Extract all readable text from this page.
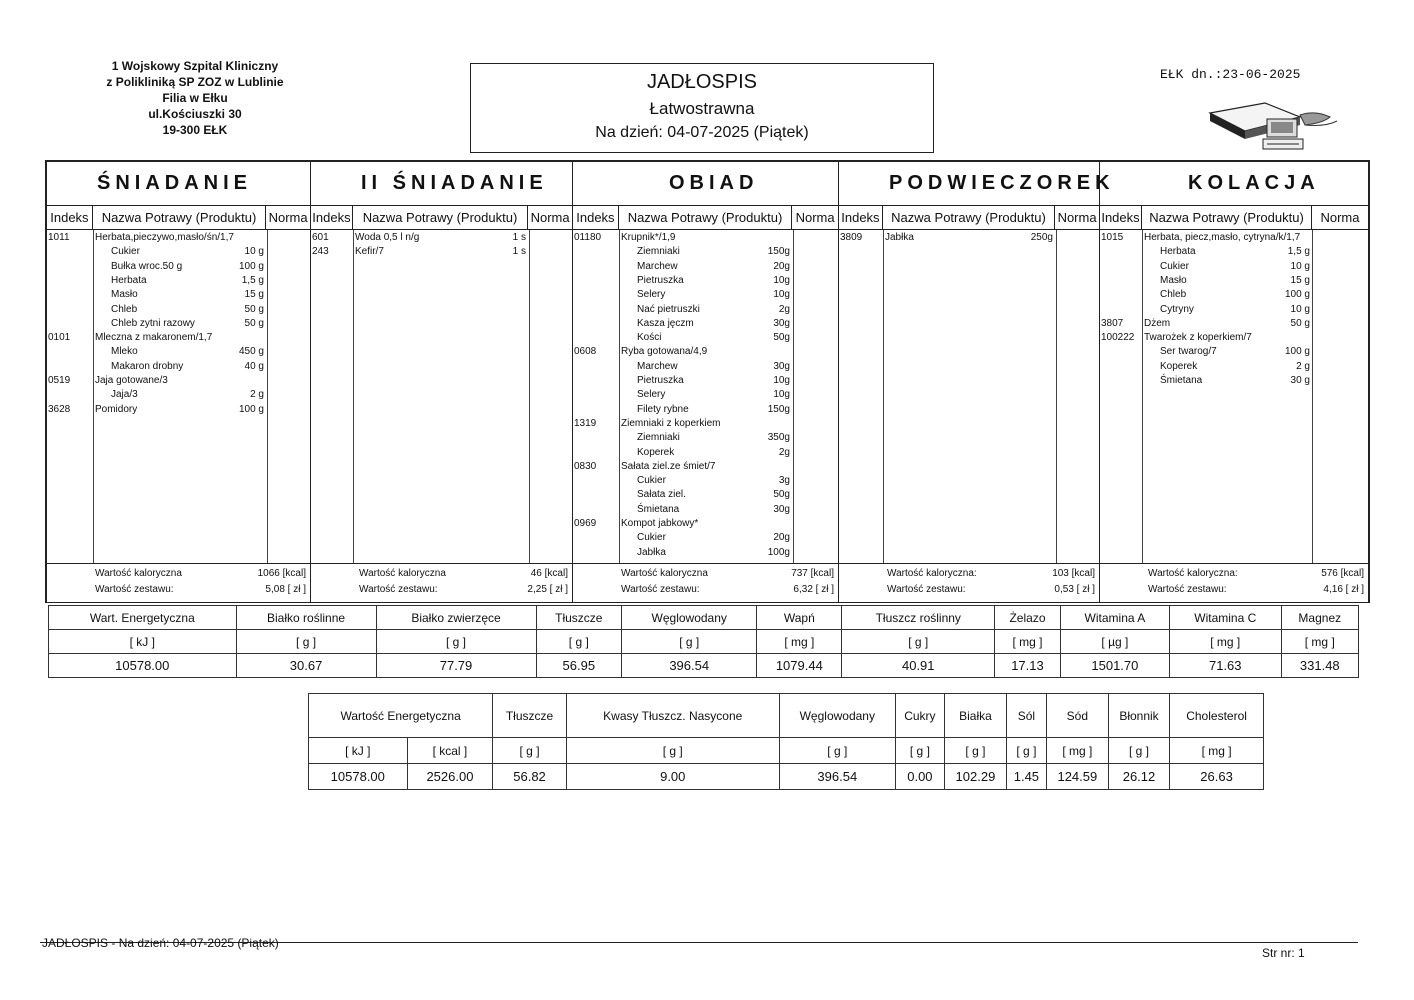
1 Wojskowy Szpital Kliniczny
z Polikliniką SP ZOZ w Lublinie
Filia w Ełku
ul.Kościuszki 30
19-300 EŁK
JADŁOSPIS
Łatwostrawna
Na dzień: 04-07-2025 (Piątek)
EŁK dn.:23-06-2025
ŚNIADANIE
Indeks	Nazwa Potrawy (Produktu) Norma
1011	Herbata,pieczywo,masło/śn/1,7
Cukier	10 g
Bułka wroc.50 g	100 g
Herbata	1,5 g
Masło	15 g
Chleb	50 g
Chleb zytni razowy	50 g
0101 Mleczna z makaronem/1,7
Mleko	450 g
Makaron drobny	40 g
0519 Jaja gotowane/3
Jaja/3	2 g
3628 Pomidory	100 g
Wartość kaloryczna	1066 [kcal]
Wartość zestawu:	5,08 [ zł ]
II ŚNIADANIE
Indeks Nazwa Potrawy (Produktu)	Norma
601	Woda 0,5 l n/g	1 s
243	Kefir/7	1 s
Wartość kaloryczna	46 [kcal]
Wartość zestawu:	2,25 [ zł ]
OBIAD
Indeks	Nazwa Potrawy (Produktu)	Norma
01180 Krupnik*/1,9
Ziemniaki	150g
Marchew	20g
Pietruszka	10g
Selery	10g
Nać pietruszki	2g
Kasza jęczm	30g
Kości	50g
0608 Ryba gotowana/4,9
Marchew	30g
Pietruszka	10g
Selery	10g
Filety rybne	150g
1319 Ziemniaki z koperkiem
Ziemniaki	350g
Koperek	2g
0830 Sałata ziel.ze śmiet/7
Cukier	3g
Sałata ziel.	50g
Śmietana	30g
0969 Kompot jabkowy*
Cukier	20g
Jabłka	100g
Wartość kaloryczna	737 [kcal]
Wartość zestawu:	6,32 [ zł ]
PODWIECZOREK
Indeks Nazwa Potrawy (Produktu) Norma
3809 Jabłka	250g
Wartość kaloryczna:	103 [kcal]
Wartość zestawu:	0,53 [ zł ]
KOLACJA
Indeks Nazwa Potrawy (Produktu)	Norma
1015 Herbata, piecz,masło, cytryna/k/1,7
Herbata	1,5 g
Cukier	10 g
Masło	15 g
Chleb	100 g
Cytryny	10 g
3807 Dżem	50 g
100222 Twarożek z koperkiem/7
Ser twarog/7	100 g
Koperek	2 g
Śmietana	30 g
Wartość kaloryczna:	576 [kcal]
Wartość zestawu:	4,16 [ zł ]
Wart. Energetyczna	Białko roślinne	Białko zwierzęce	Tłuszcze	Węglowodany	Wapń	Tłuszcz roślinny	Żelazo	Witamina A	Witamina C	Magnez
[ kJ ]	[ g ]	[ g ]	[ g ]	[ g ]	[ mg ]	[ g ]	[ mg ]	[ µg ]	[ mg ]	[ mg ]
10578.00	30.67	77.79	56.95	396.54	1079.44	40.91	17.13	1501.70	71.63	331.48
Wartość Energetyczna		Tłuszcze	Kwasy Tłuszcz. Nasycone	Węglowodany	Cukry	Białka	Sól	Sód	Błonnik	Cholesterol
[ kJ ]	[ kcal ]	[ g ]	[ g ]	[ g ]	[ g ]	[ g ]	[ g ]	[ mg ]	[ g ]	[ mg ]
10578.00	2526.00	56.82	9.00	396.54	0.00	102.29	1.45	124.59	26.12	26.63
JADŁOSPIS - Na dzień: 04-07-2025 (Piątek)
Str nr: 1
